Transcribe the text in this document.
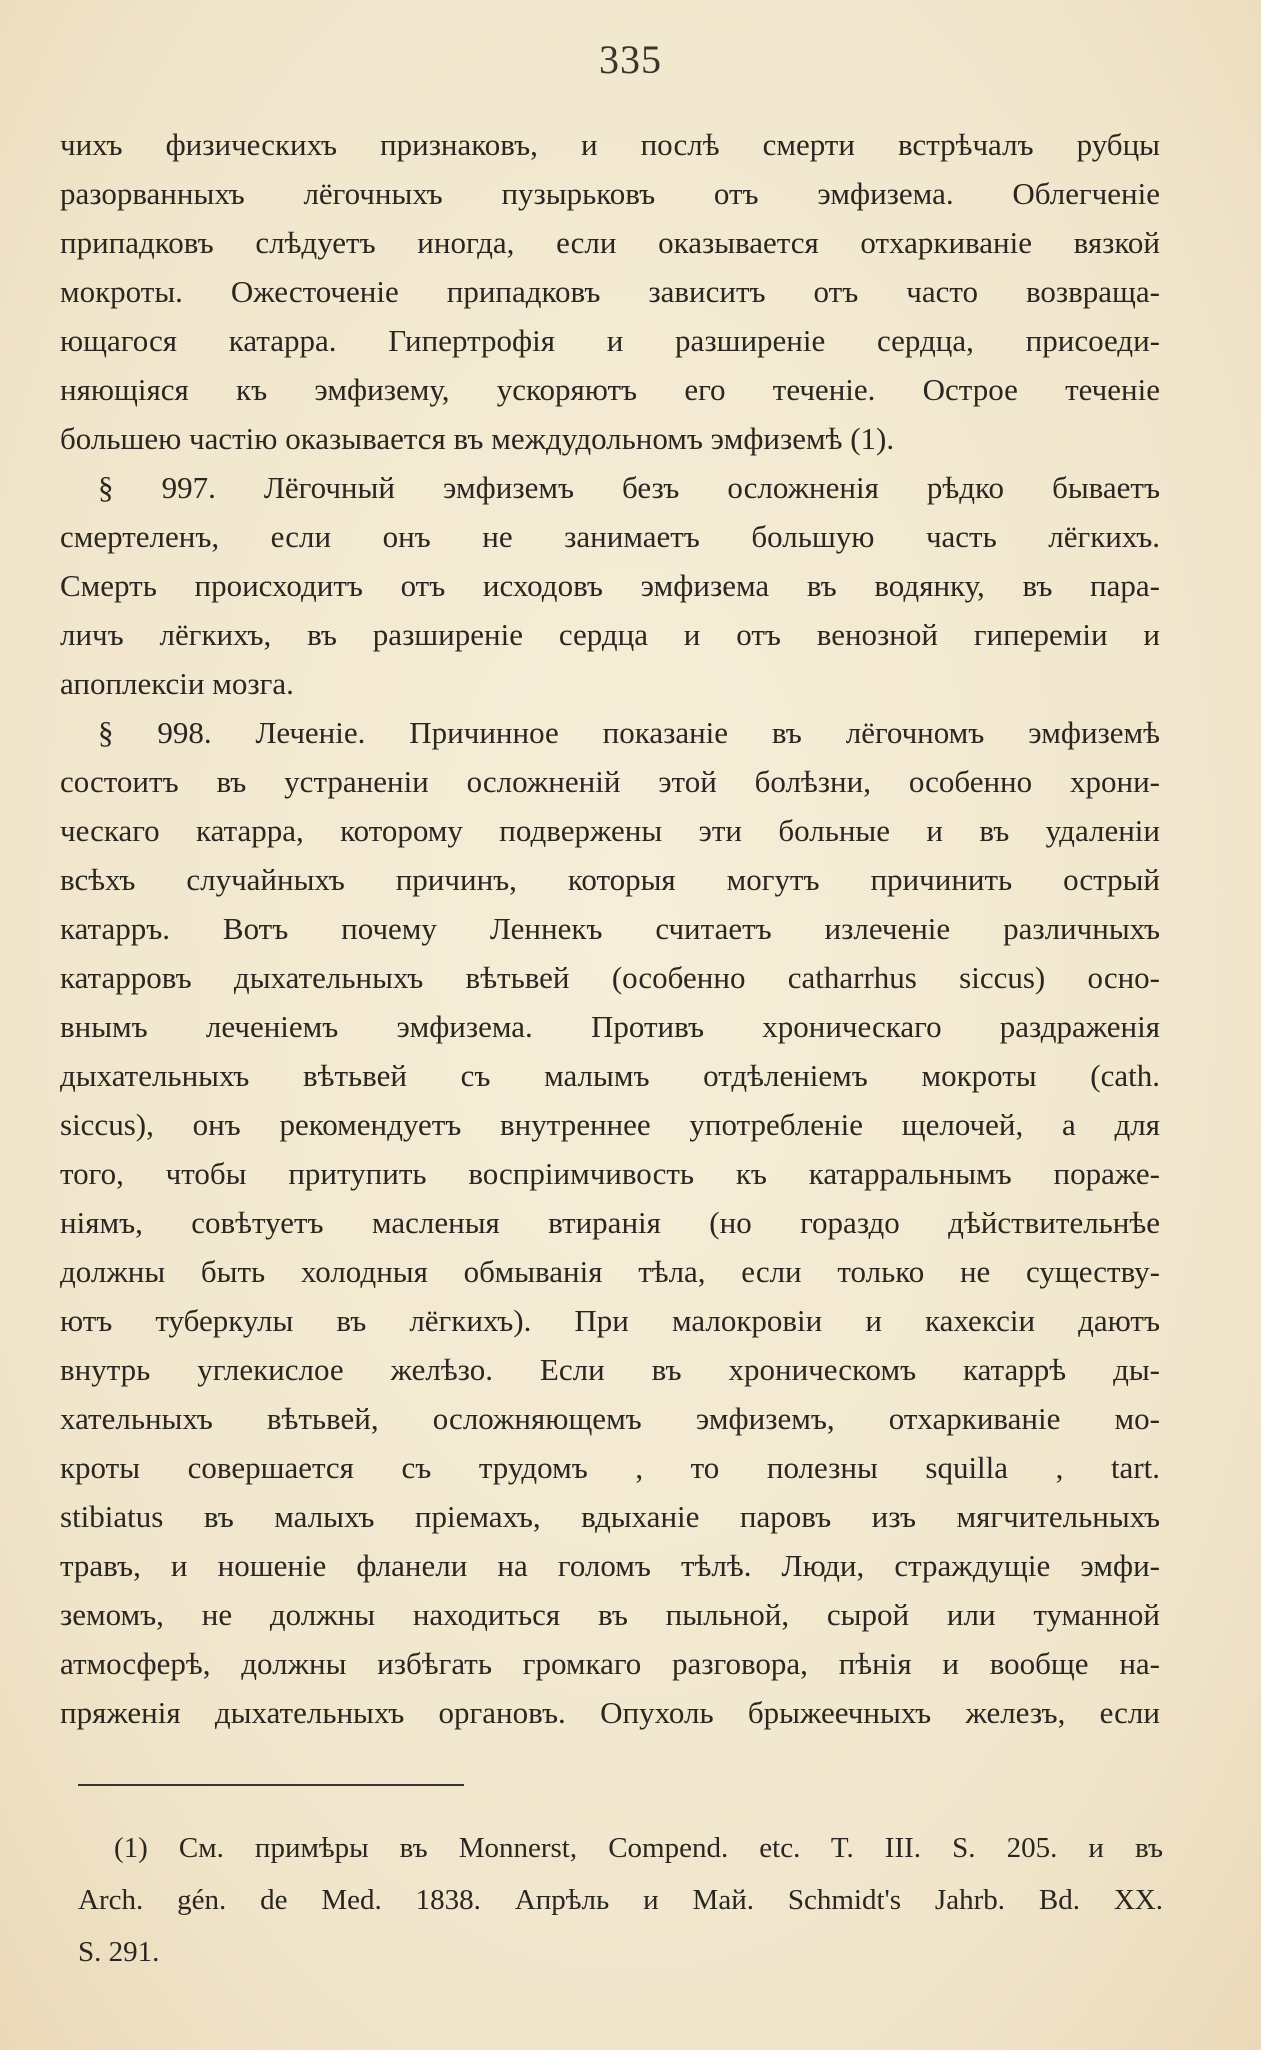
335
чихъ физическихъ признаковъ, и послѣ смерти встрѣчалъ рубцы
разорванныхъ лёгочныхъ пузырьковъ отъ эмфизема. Облегченіе
припадковъ слѣдуетъ иногда, если оказывается отхаркиваніе вязкой
мокроты. Ожесточеніе припадковъ зависитъ отъ часто возвраща-
ющагося катарра. Гипертрофія и разширеніе сердца, присоеди-
няющіяся къ эмфизему, ускоряютъ его теченіе. Острое теченіе
большею частію оказывается въ междудольномъ эмфиземѣ (1).
§ 997. Лёгочный эмфиземъ безъ осложненія рѣдко бываетъ
смертеленъ, если онъ не занимаетъ большую часть лёгкихъ.
Смерть происходитъ отъ исходовъ эмфизема въ водянку, въ пара-
личъ лёгкихъ, въ разширеніе сердца и отъ венозной гипереміи и
апоплексіи мозга.
§ 998. Леченіе. Причинное показаніе въ лёгочномъ эмфиземѣ
состоитъ въ устраненіи осложненій этой болѣзни, особенно хрони-
ческаго катарра, которому подвержены эти больные и въ удаленіи
всѣхъ случайныхъ причинъ, которыя могутъ причинить острый
катарръ. Вотъ почему Леннекъ считаетъ излеченіе различныхъ
катарровъ дыхательныхъ вѣтьвей (особенно catharrhus siccus) осно-
внымъ леченіемъ эмфизема. Противъ хроническаго раздраженія
дыхательныхъ вѣтьвей съ малымъ отдѣленіемъ мокроты (cath.
siccus), онъ рекомендуетъ внутреннее употребленіе щелочей, а для
того, чтобы притупить воспріимчивость къ катарральнымъ пораже-
ніямъ, совѣтуетъ масленыя втиранія (но гораздо дѣйствительнѣе
должны быть холодныя обмыванія тѣла, если только не существу-
ютъ туберкулы въ лёгкихъ). При малокровіи и кахексіи даютъ
внутрь углекислое желѣзо. Если въ хроническомъ катаррѣ ды-
хательныхъ вѣтьвей, осложняющемъ эмфиземъ, отхаркиваніе мо-
кроты совершается съ трудомъ , то полезны squilla , tart.
stibiatus въ малыхъ пріемахъ, вдыханіе паровъ изъ мягчительныхъ
травъ, и ношеніе фланели на голомъ тѣлѣ. Люди, страждущіе эмфи-
земомъ, не должны находиться въ пыльной, сырой или туманной
атмосферѣ, должны избѣгать громкаго разговора, пѣнія и вообще на-
пряженія дыхательныхъ органовъ. Опухоль брыжеечныхъ железъ, если
(1) См. примѣры въ Monnerst, Compend. etc. T. III. S. 205. и въ
Arch. gén. de Med. 1838. Апрѣль и Май. Schmidt's Jahrb. Bd. XX.
S. 291.
